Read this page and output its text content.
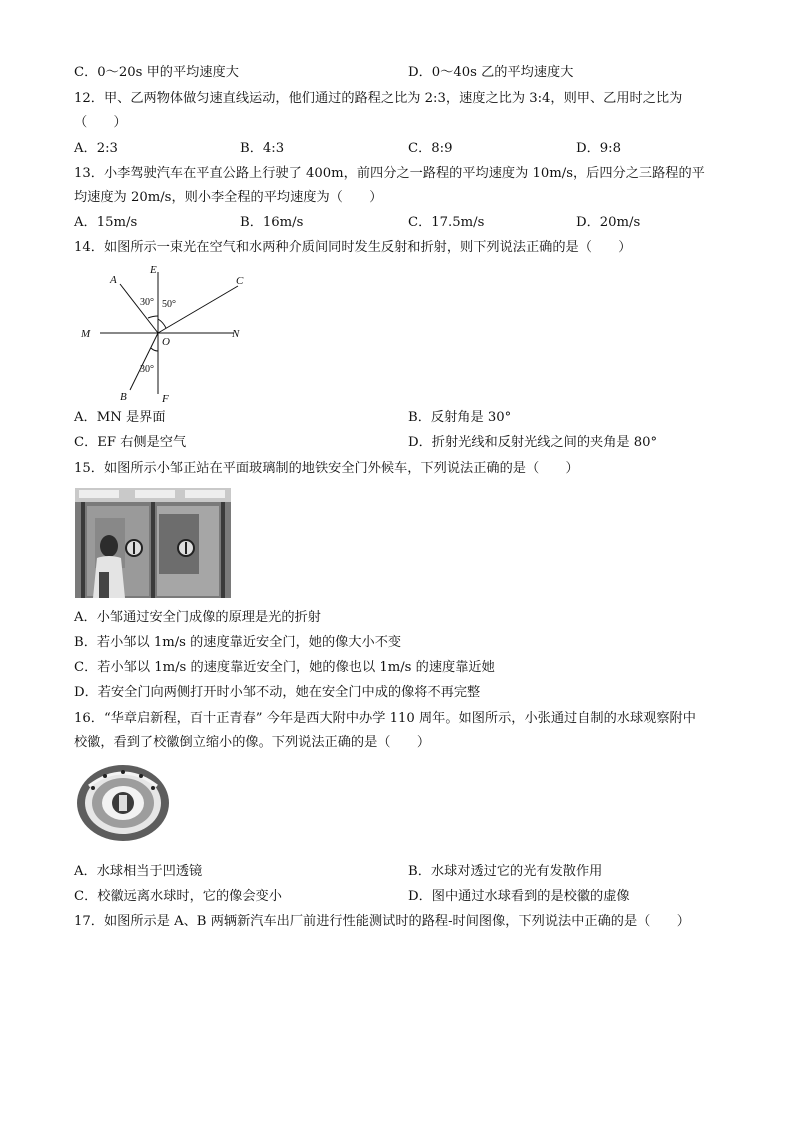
C．0～20s 甲的平均速度大	D．0～40s 乙的平均速度大
12．甲、乙两物体做匀速直线运动，他们通过的路程之比为 2:3，速度之比为 3:4，则甲、乙用时之比为
（　　）
A．2:3	B．4:3	C．8:9	D．9:8
13．小李驾驶汽车在平直公路上行驶了 400m，前四分之一路程的平均速度为 10m/s，后四分之三路程的平
均速度为 20m/s，则小李全程的平均速度为（　　）
A．15m/s	B．16m/s	C．17.5m/s	D．20m/s
14．如图所示一束光在空气和水两种介质间同时发生反射和折射，则下列说法正确的是（　　）
A
E
C
M	N
O
B	F
30° 50°
30°
A．MN 是界面	B．反射角是 30°
C．EF 右侧是空气	D．折射光线和反射光线之间的夹角是 80°
15．如图所示小邹正站在平面玻璃制的地铁安全门外候车，下列说法正确的是（　　）
A．小邹通过安全门成像的原理是光的折射
B．若小邹以 1m/s 的速度靠近安全门，她的像大小不变
C．若小邹以 1m/s 的速度靠近安全门，她的像也以 1m/s 的速度靠近她
D．若安全门向两侧打开时小邹不动，她在安全门中成的像将不再完整
16．“华章启新程，百十正青春” 今年是西大附中办学 110 周年。如图所示，小张通过自制的水球观察附中
校徽，看到了校徽倒立缩小的像。下列说法正确的是（　　）
A．水球相当于凹透镜	B．水球对透过它的光有发散作用
C．校徽远离水球时，它的像会变小	D．图中通过水球看到的是校徽的虚像
17．如图所示是 A、B 两辆新汽车出厂前进行性能测试时的路程-时间图像，下列说法中正确的是（　　）
